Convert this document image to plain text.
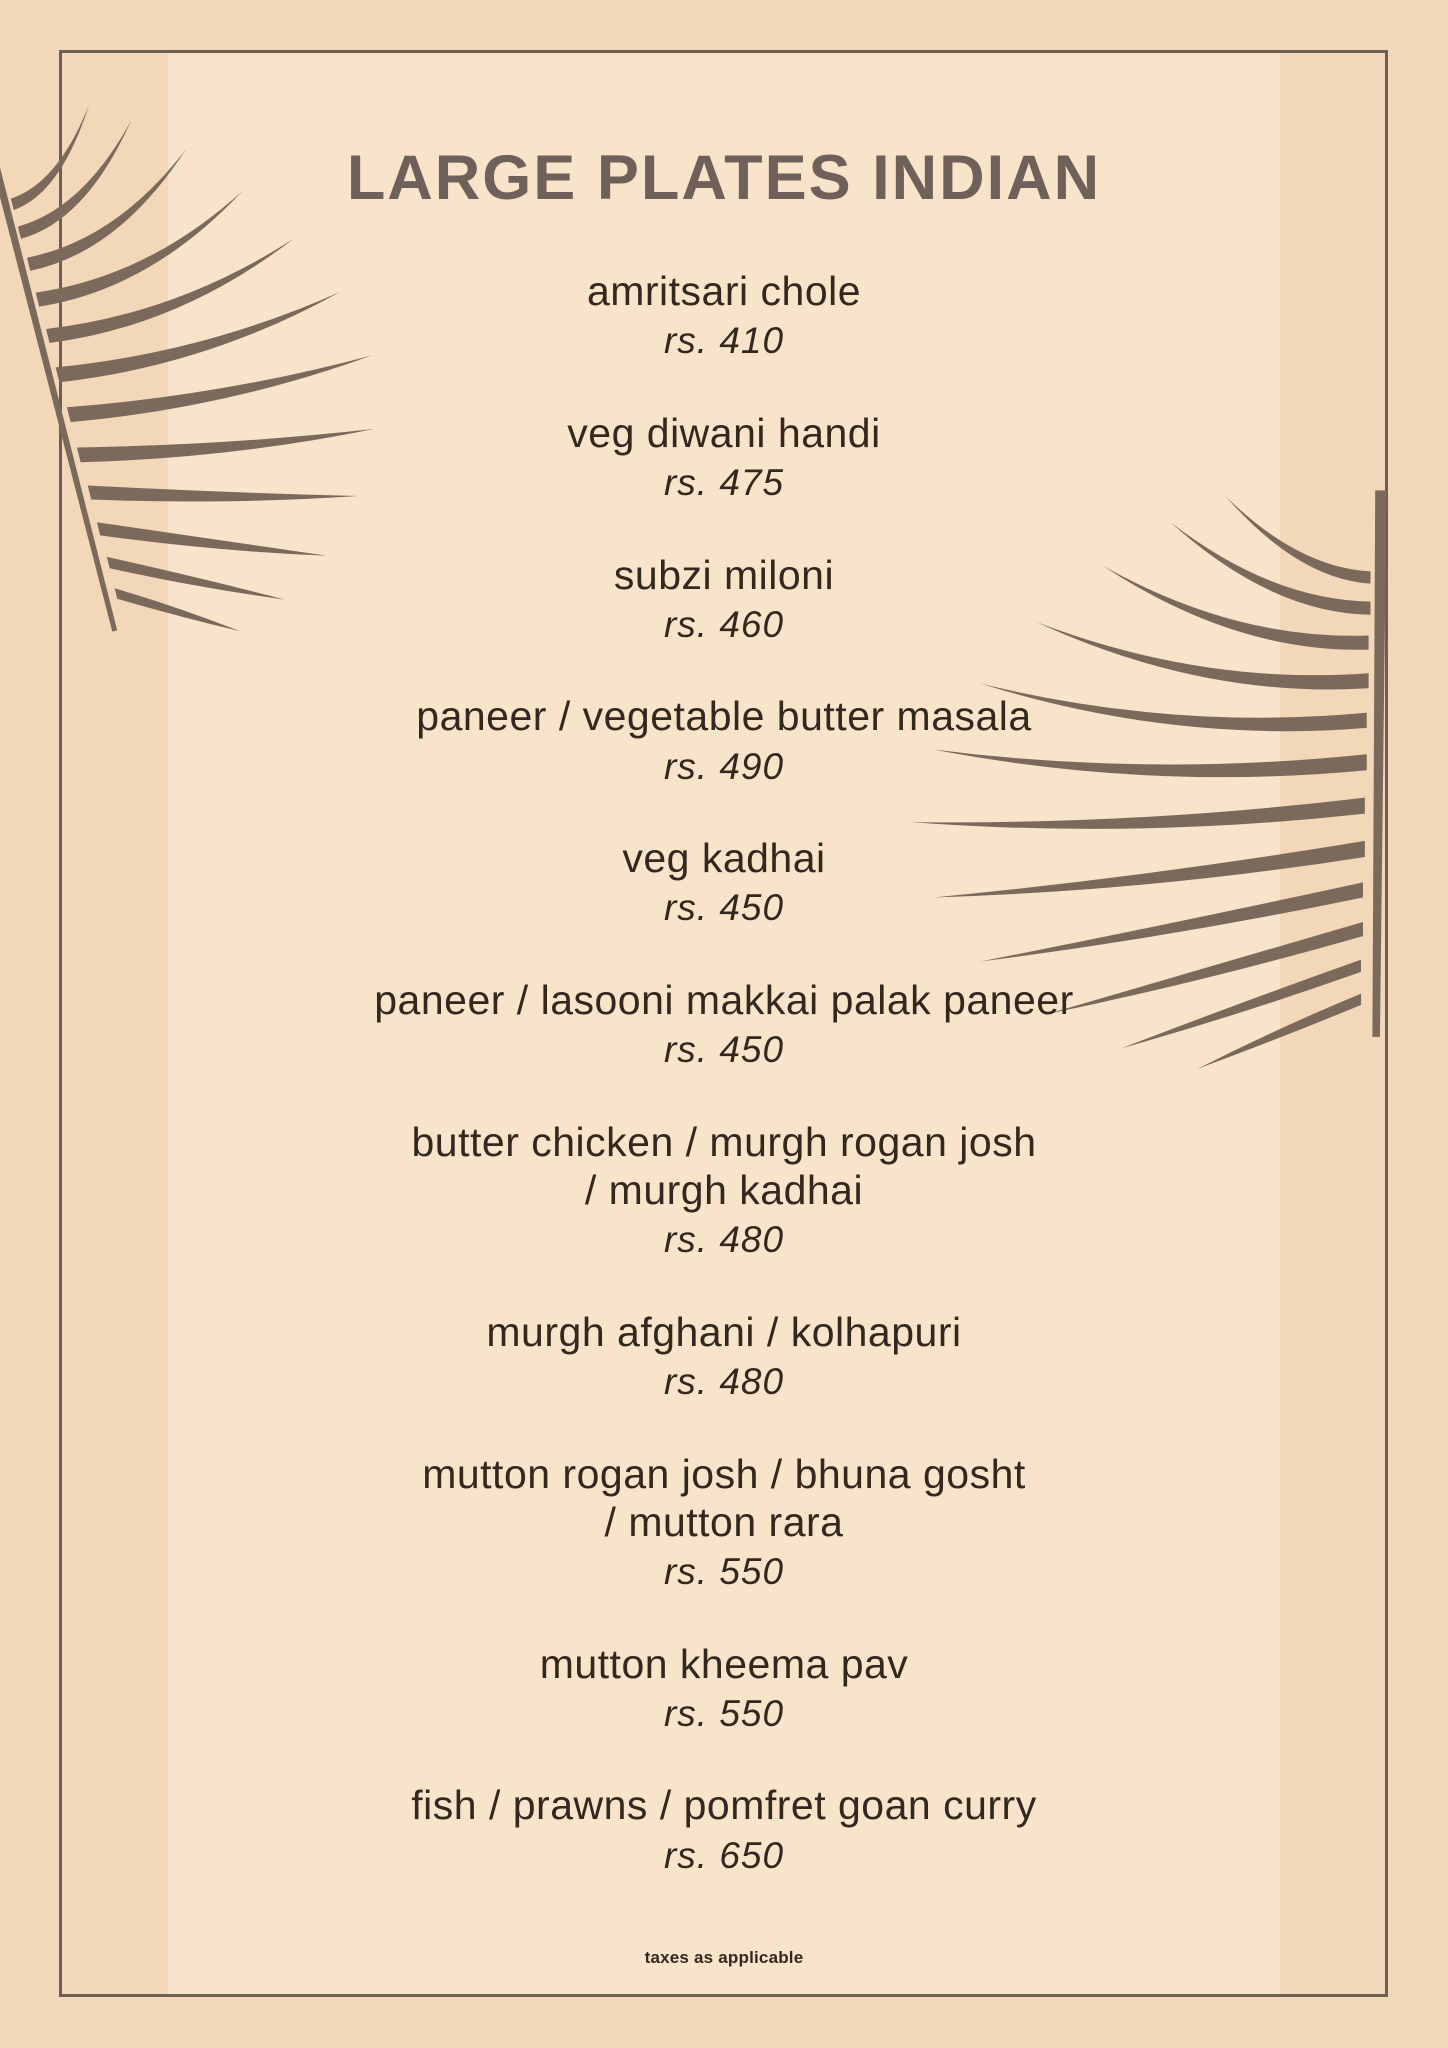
LARGE PLATES INDIAN
amritsari chole
rs. 410
veg diwani handi
rs. 475
subzi miloni
rs. 460
paneer / vegetable butter masala
rs. 490
veg kadhai
rs. 450
paneer / lasooni makkai palak paneer
rs. 450
butter chicken / murgh rogan josh
/ murgh kadhai
rs. 480
murgh afghani / kolhapuri
rs. 480
mutton rogan josh / bhuna gosht
/ mutton rara
rs. 550
mutton kheema pav
rs. 550
fish / prawns / pomfret goan curry
rs. 650
taxes as applicable
